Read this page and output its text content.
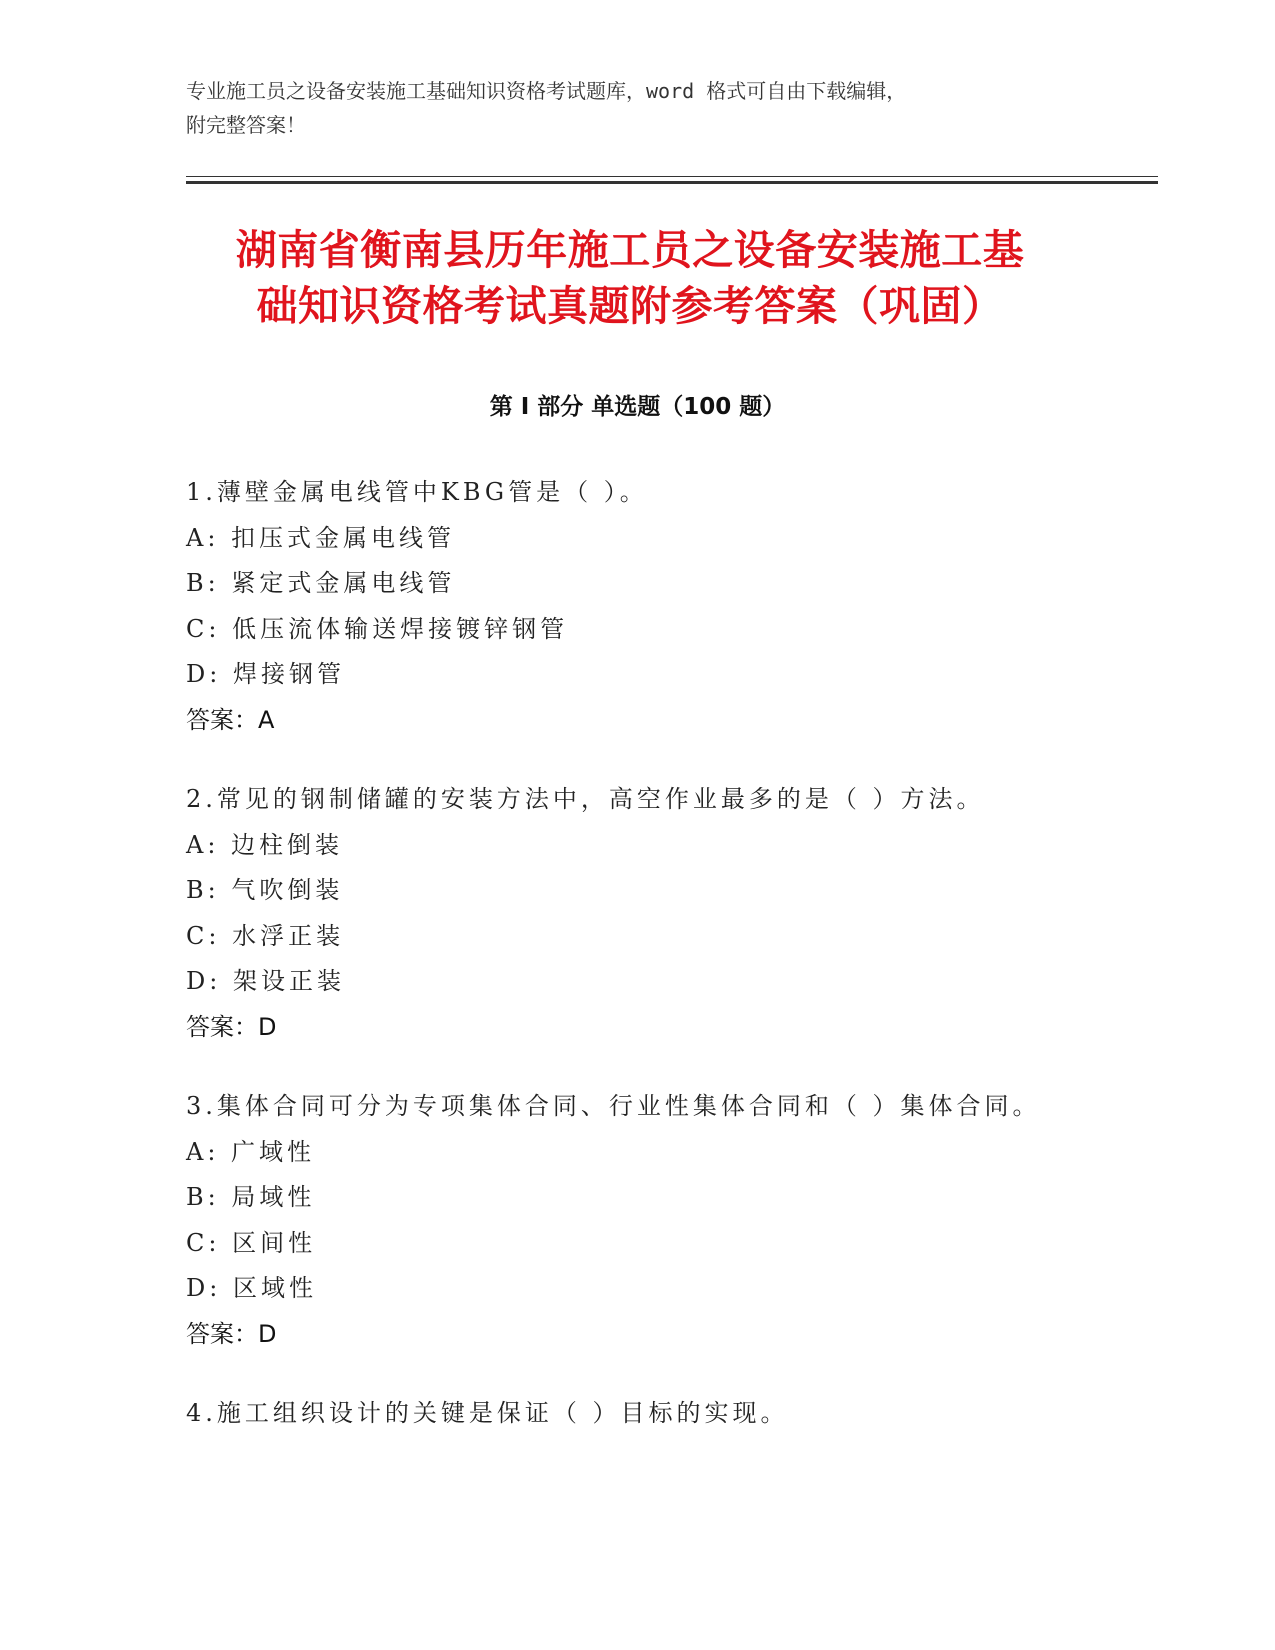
专业施工员之设备安装施工基础知识资格考试题库，word 格式可自由下载编辑，
附完整答案！
湖南省衡南县历年施工员之设备安装施工基
础知识资格考试真题附参考答案（巩固）
第 I 部分 单选题（100 题）
1.薄壁金属电线管中KBG管是（ ）。
A: 扣压式金属电线管
B: 紧定式金属电线管
C: 低压流体输送焊接镀锌钢管
D: 焊接钢管
答案：A
2.常见的钢制储罐的安装方法中，高空作业最多的是（ ）方法。
A: 边柱倒装
B: 气吹倒装
C: 水浮正装
D: 架设正装
答案：D
3.集体合同可分为专项集体合同、行业性集体合同和（ ）集体合同。
A: 广域性
B: 局域性
C: 区间性
D: 区域性
答案：D
4.施工组织设计的关键是保证（ ）目标的实现。
